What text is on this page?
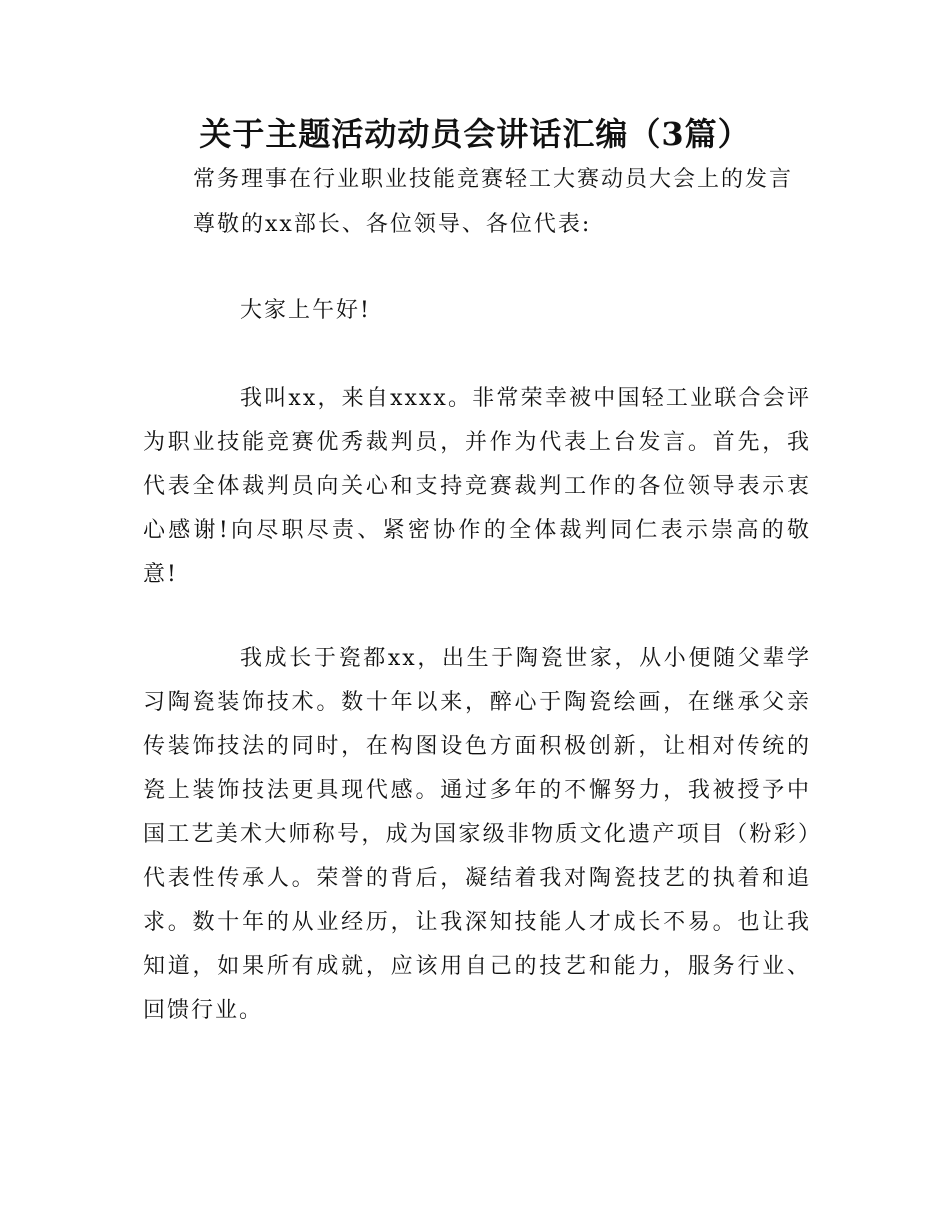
关于主题活动动员会讲话汇编（3篇）
常务理事在行业职业技能竞赛轻工大赛动员大会上的发言
尊敬的xx部长、各位领导、各位代表:
大家上午好!

我叫xx，来自xxxx。非常荣幸被中国轻工业联合会评为职业技能竞赛优秀裁判员，并作为代表上台发言。首先，我代表全体裁判员向关心和支持竞赛裁判工作的各位领导表示衷心感谢!向尽职尽责、紧密协作的全体裁判同仁表示崇高的敬意!

我成长于瓷都xx，出生于陶瓷世家，从小便随父辈学习陶瓷装饰技术。数十年以来，醉心于陶瓷绘画，在继承父亲传装饰技法的同时，在构图设色方面积极创新，让相对传统的瓷上装饰技法更具现代感。通过多年的不懈努力，我被授予中国工艺美术大师称号，成为国家级非物质文化遗产项目（粉彩）代表性传承人。荣誉的背后，凝结着我对陶瓷技艺的执着和追求。数十年的从业经历，让我深知技能人才成长不易。也让我知道，如果所有成就，应该用自己的技艺和能力，服务行业、回馈行业。
